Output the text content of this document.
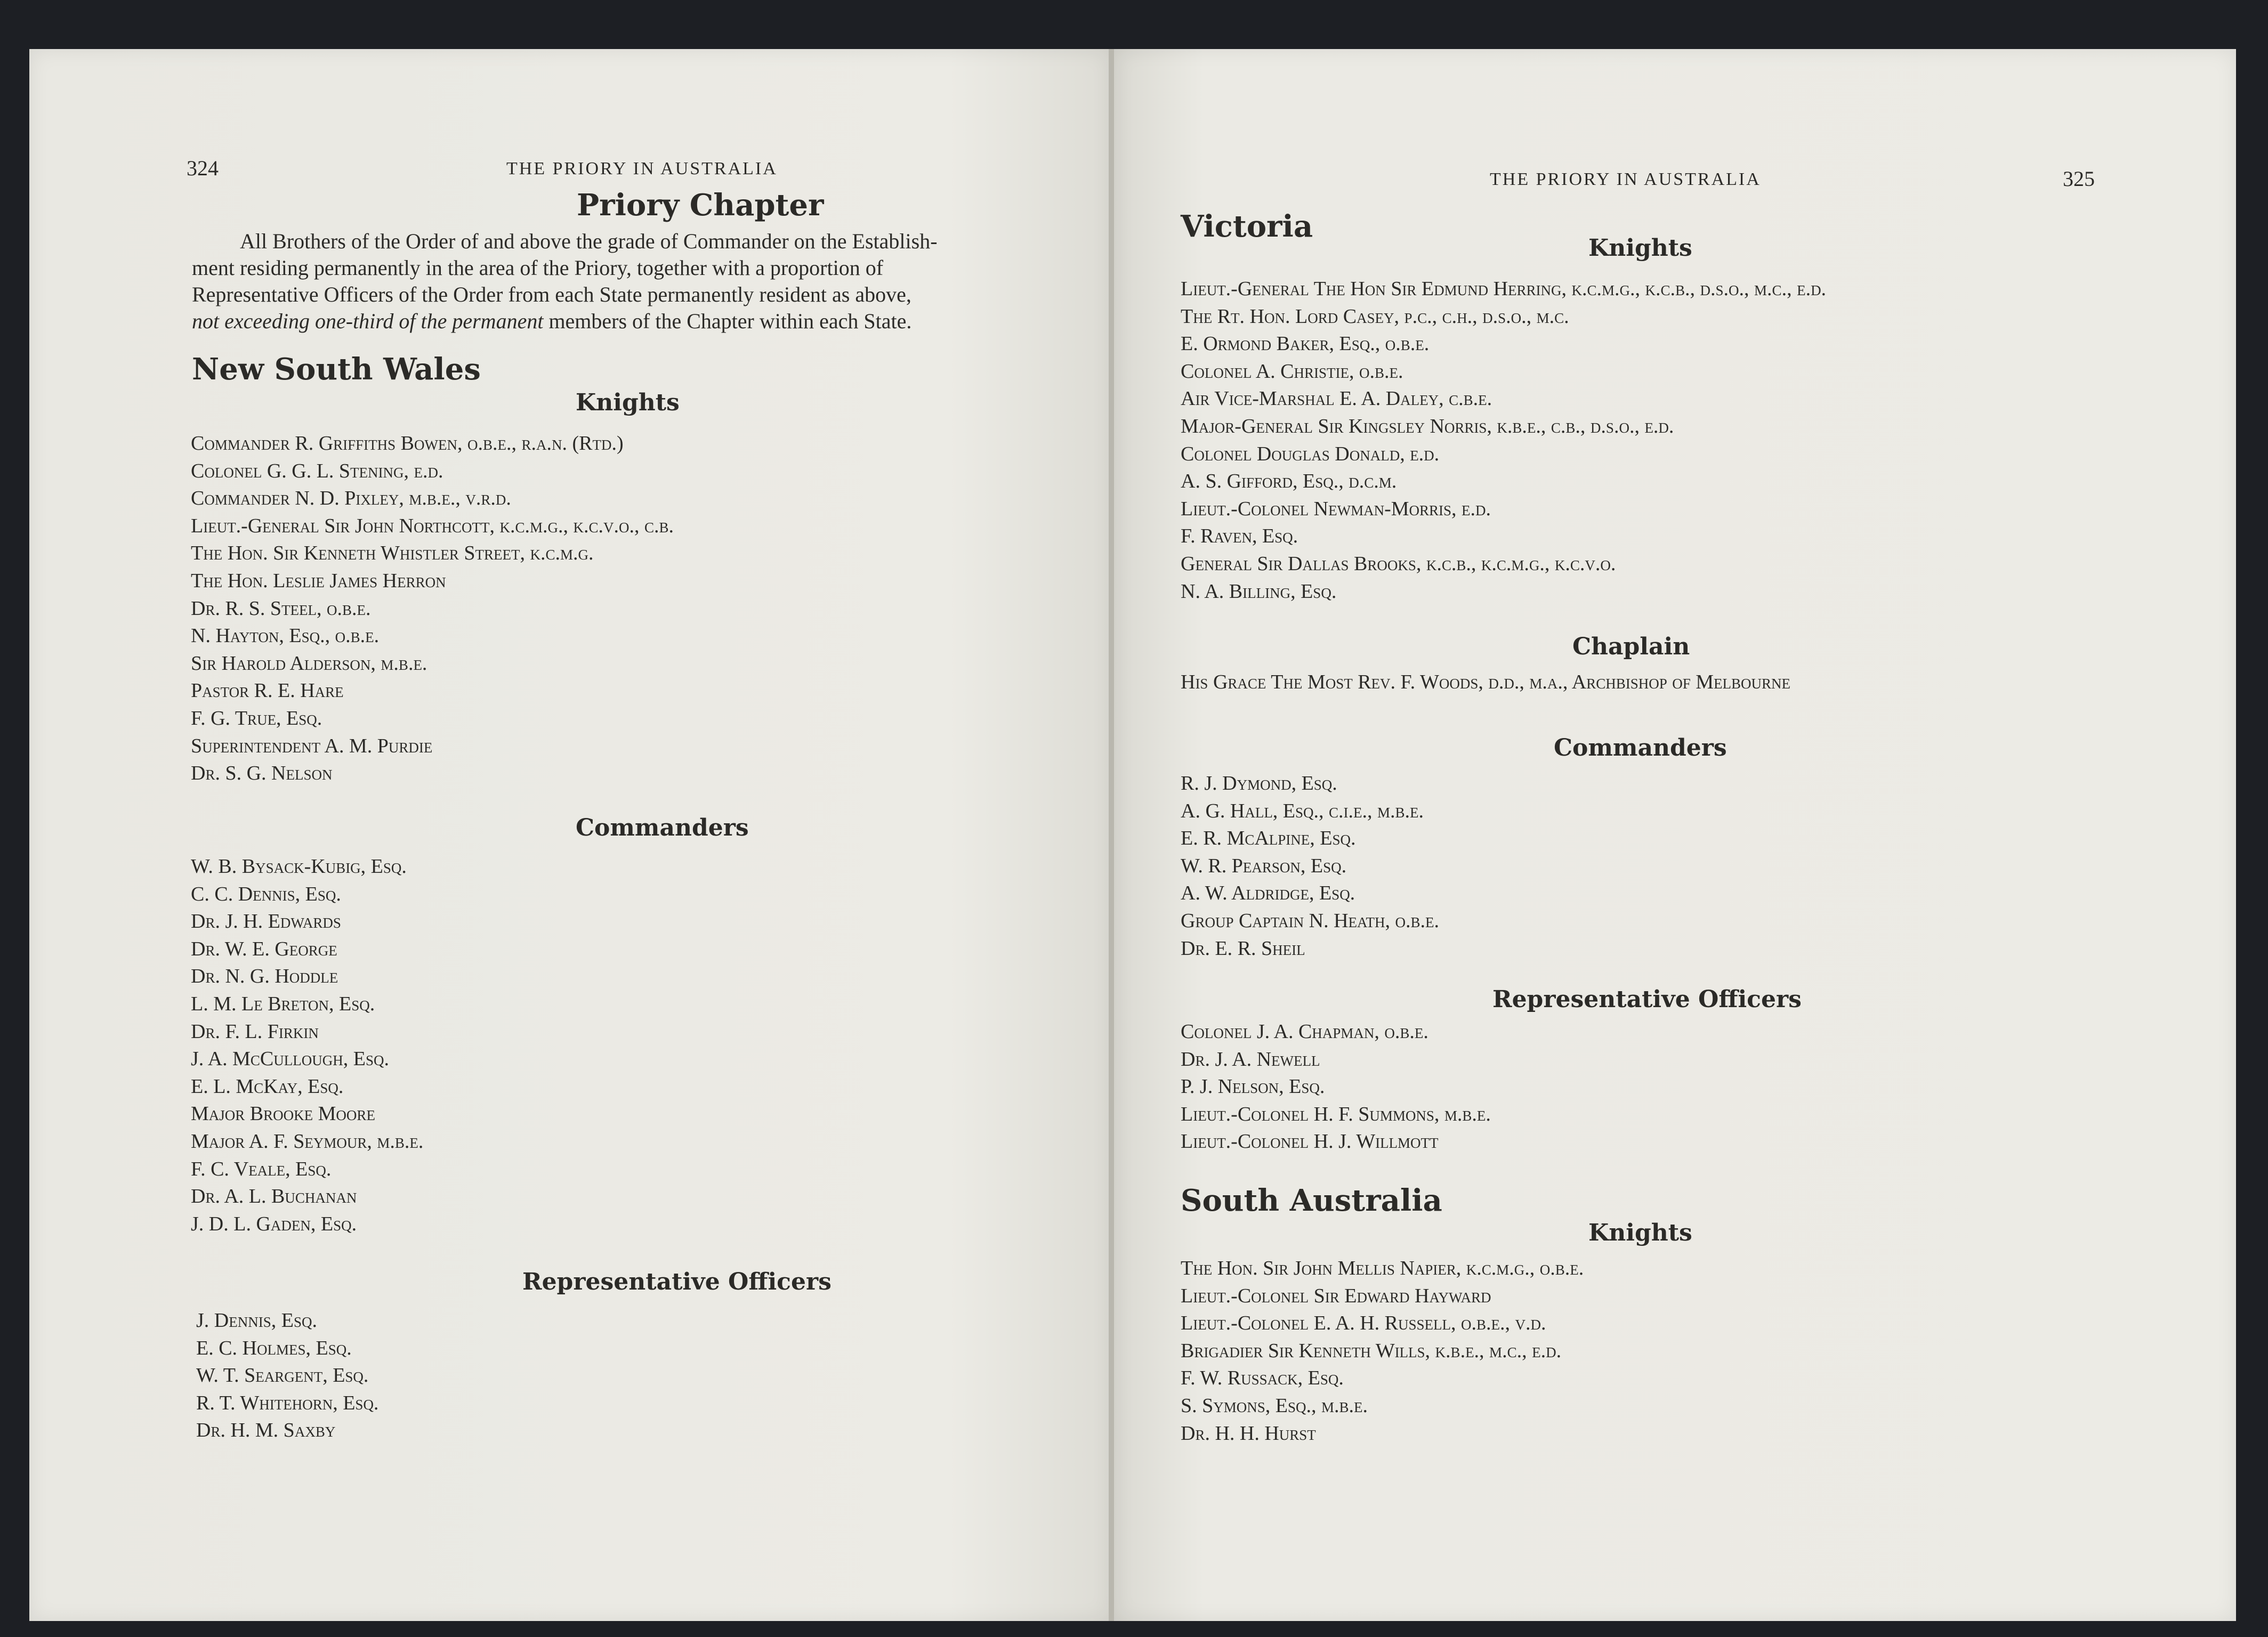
324	THE PRIORY IN AUSTRALIA
Priory Chapter
All Brothers of the Order of and above the grade of Commander on the Establish-
ment residing permanently in the area of the Priory, together with a proportion of
Representative Officers of the Order from each State permanently resident as above,
not exceeding one-third of the permanent members of the Chapter within each State.
New South Wales
Knights
Commander R. Griffiths Bowen, o.b.e., r.a.n. (Rtd.)
Colonel G. G. L. Stening, e.d.
Commander N. D. Pixley, m.b.e., v.r.d.
Lieut.-General Sir John Northcott, k.c.m.g., k.c.v.o., c.b.
The Hon. Sir Kenneth Whistler Street, k.c.m.g.
The Hon. Leslie James Herron
Dr. R. S. Steel, o.b.e.
N. Hayton, Esq., o.b.e.
Sir Harold Alderson, m.b.e.
Pastor R. E. Hare
F. G. True, Esq.
Superintendent A. M. Purdie
Dr. S. G. Nelson
Commanders
W. B. Bysack-Kubig, Esq.
C. C. Dennis, Esq.
Dr. J. H. Edwards
Dr. W. E. George
Dr. N. G. Hoddle
L. M. Le Breton, Esq.
Dr. F. L. Firkin
J. A. McCullough, Esq.
E. L. McKay, Esq.
Major Brooke Moore
Major A. F. Seymour, m.b.e.
F. C. Veale, Esq.
Dr. A. L. Buchanan
J. D. L. Gaden, Esq.
Representative Officers
J. Dennis, Esq.
E. C. Holmes, Esq.
W. T. Seargent, Esq.
R. T. Whitehorn, Esq.
Dr. H. M. Saxby
THE PRIORY IN AUSTRALIA	325
Victoria
Knights
Lieut.-General The Hon Sir Edmund Herring, k.c.m.g., k.c.b., d.s.o., m.c., e.d.
The Rt. Hon. Lord Casey, p.c., c.h., d.s.o., m.c.
E. Ormond Baker, Esq., o.b.e.
Colonel A. Christie, o.b.e.
Air Vice-Marshal E. A. Daley, c.b.e.
Major-General Sir Kingsley Norris, k.b.e., c.b., d.s.o., e.d.
Colonel Douglas Donald, e.d.
A. S. Gifford, Esq., d.c.m.
Lieut.-Colonel Newman-Morris, e.d.
F. Raven, Esq.
General Sir Dallas Brooks, k.c.b., k.c.m.g., k.c.v.o.
N. A. Billing, Esq.
Chaplain
His Grace The Most Rev. F. Woods, d.d., m.a., Archbishop of Melbourne
Commanders
R. J. Dymond, Esq.
A. G. Hall, Esq., c.i.e., m.b.e.
E. R. McAlpine, Esq.
W. R. Pearson, Esq.
A. W. Aldridge, Esq.
Group Captain N. Heath, o.b.e.
Dr. E. R. Sheil
Representative Officers
Colonel J. A. Chapman, o.b.e.
Dr. J. A. Newell
P. J. Nelson, Esq.
Lieut.-Colonel H. F. Summons, m.b.e.
Lieut.-Colonel H. J. Willmott
South Australia
Knights
The Hon. Sir John Mellis Napier, k.c.m.g., o.b.e.
Lieut.-Colonel Sir Edward Hayward
Lieut.-Colonel E. A. H. Russell, o.b.e., v.d.
Brigadier Sir Kenneth Wills, k.b.e., m.c., e.d.
F. W. Russack, Esq.
S. Symons, Esq., m.b.e.
Dr. H. H. Hurst
